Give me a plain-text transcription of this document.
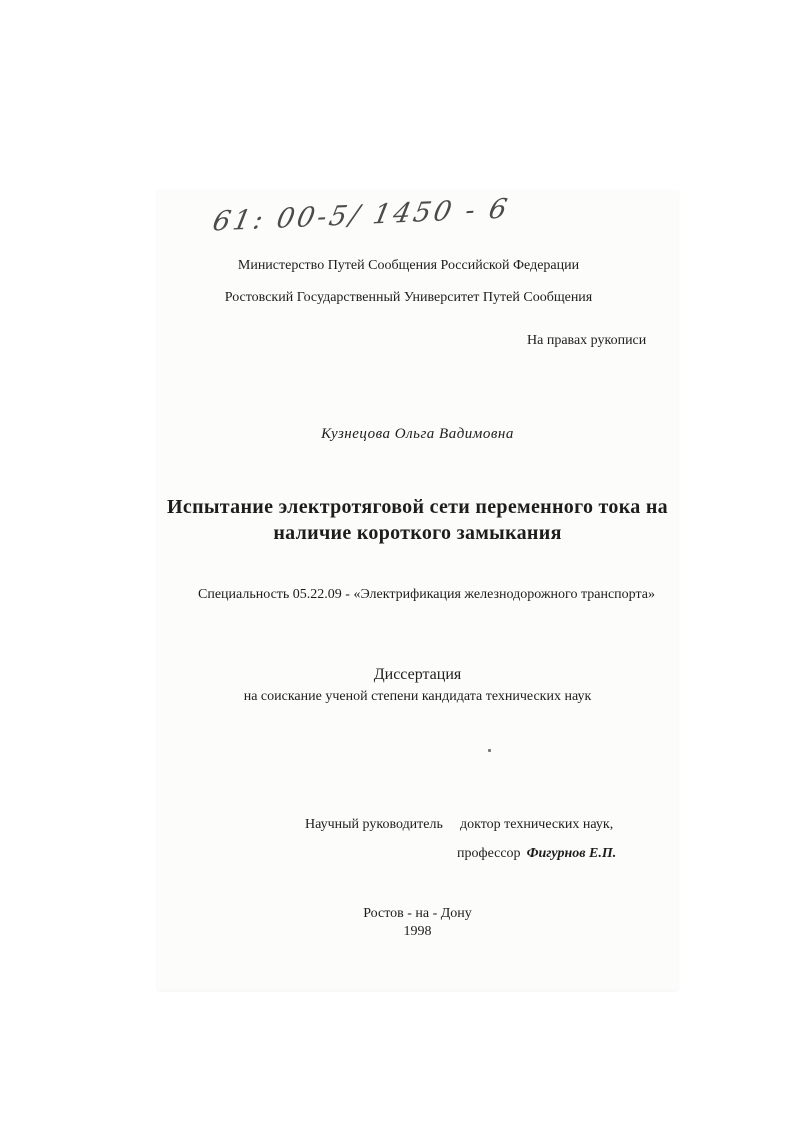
61: 00-5/ 1450 - 6
Министерство Путей Сообщения Российской Федерации
Ростовский Государственный Университет Путей Сообщения
На правах рукописи
Кузнецова Ольга Вадимовна
Испытание электротяговой сети переменного тока на
наличие короткого замыкания
Специальность 05.22.09 - «Электрификация железнодорожного транспорта»
Диссертация
на соискание ученой степени кандидата технических наук
Научный руководитель доктор технических наук,
профессор Фигурнов Е.П.
Ростов - на - Дону
1998
